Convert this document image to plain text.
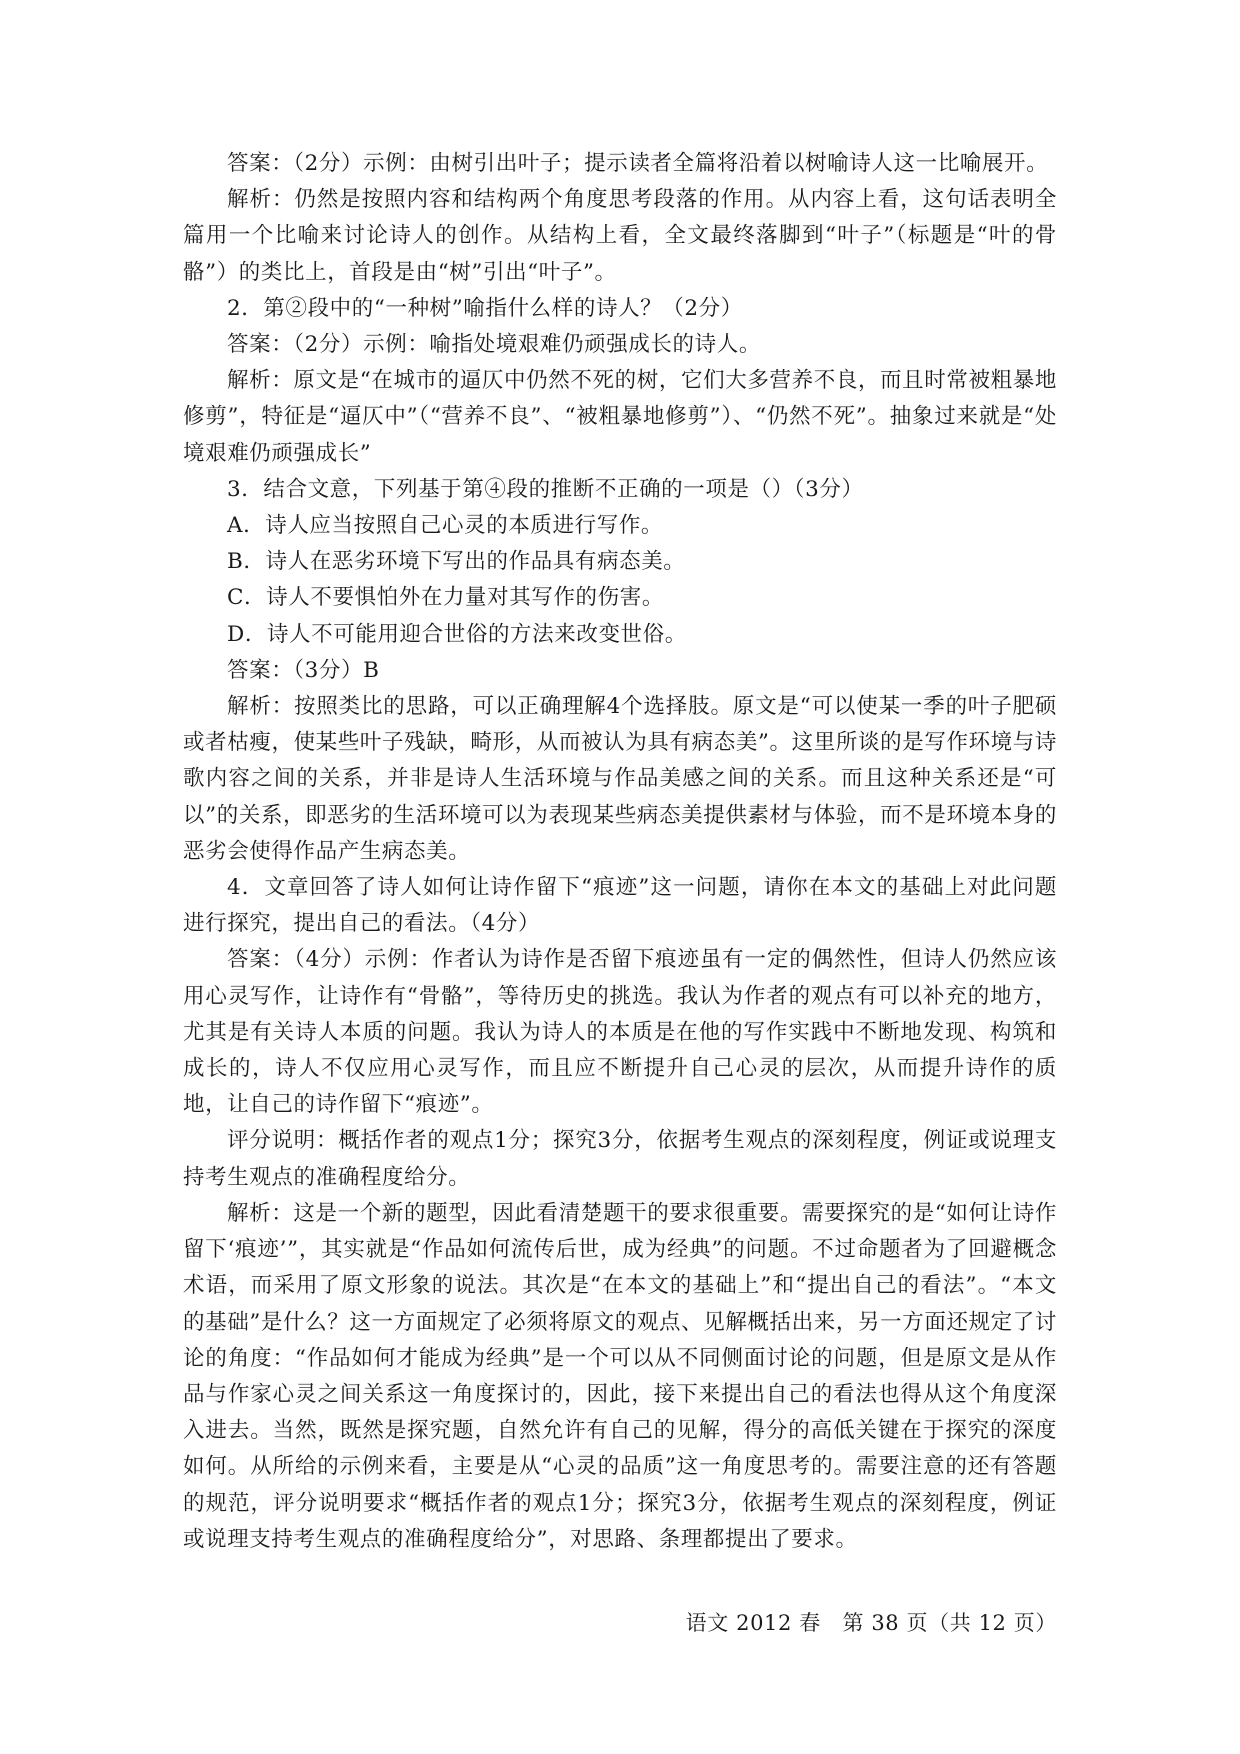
答案：（2分）示例：由树引出叶子；提示读者全篇将沿着以树喻诗人这一比喻展开。

解析：仍然是按照内容和结构两个角度思考段落的作用。从内容上看，这句话表明全篇用一个比喻来讨论诗人的创作。从结构上看，全文最终落脚到“叶子”（标题是“叶的骨骼”）的类比上，首段是由“树”引出“叶子”。

2．第②段中的“一种树”喻指什么样的诗人？（2分）

答案：（2分）示例：喻指处境艰难仍顽强成长的诗人。

解析：原文是“在城市的逼仄中仍然不死的树，它们大多营养不良，而且时常被粗暴地修剪”，特征是“逼仄中”（“营养不良”、“被粗暴地修剪”）、“仍然不死”。抽象过来就是“处境艰难仍顽强成长”

3．结合文意，下列基于第④段的推断不正确的一项是（）（3分）

A．诗人应当按照自己心灵的本质进行写作。

B．诗人在恶劣环境下写出的作品具有病态美。

C．诗人不要惧怕外在力量对其写作的伤害。

D．诗人不可能用迎合世俗的方法来改变世俗。

答案：（3分）B

解析：按照类比的思路，可以正确理解4个选择肢。原文是“可以使某一季的叶子肥硕或者枯瘦，使某些叶子残缺，畸形，从而被认为具有病态美”。这里所谈的是写作环境与诗歌内容之间的关系，并非是诗人生活环境与作品美感之间的关系。而且这种关系还是“可以”的关系，即恶劣的生活环境可以为表现某些病态美提供素材与体验，而不是环境本身的恶劣会使得作品产生病态美。

4．文章回答了诗人如何让诗作留下“痕迹”这一问题，请你在本文的基础上对此问题进行探究，提出自己的看法。（4分）

答案：（4分）示例：作者认为诗作是否留下痕迹虽有一定的偶然性，但诗人仍然应该用心灵写作，让诗作有“骨骼”，等待历史的挑选。我认为作者的观点有可以补充的地方，尤其是有关诗人本质的问题。我认为诗人的本质是在他的写作实践中不断地发现、构筑和成长的，诗人不仅应用心灵写作，而且应不断提升自己心灵的层次，从而提升诗作的质地，让自己的诗作留下“痕迹”。

评分说明：概括作者的观点1分；探究3分，依据考生观点的深刻程度，例证或说理支持考生观点的准确程度给分。

解析：这是一个新的题型，因此看清楚题干的要求很重要。需要探究的是“如何让诗作留下‘痕迹’”，其实就是“作品如何流传后世，成为经典”的问题。不过命题者为了回避概念术语，而采用了原文形象的说法。其次是“在本文的基础上”和“提出自己的看法”。“本文的基础”是什么？这一方面规定了必须将原文的观点、见解概括出来，另一方面还规定了讨论的角度：“作品如何才能成为经典”是一个可以从不同侧面讨论的问题，但是原文是从作品与作家心灵之间关系这一角度探讨的，因此，接下来提出自己的看法也得从这个角度深入进去。当然，既然是探究题，自然允许有自己的见解，得分的高低关键在于探究的深度如何。从所给的示例来看，主要是从“心灵的品质”这一角度思考的。需要注意的还有答题的规范，评分说明要求“概括作者的观点1分；探究3分，依据考生观点的深刻程度，例证或说理支持考生观点的准确程度给分”，对思路、条理都提出了要求。

语文 2012 春　第 38 页（共 12 页）
